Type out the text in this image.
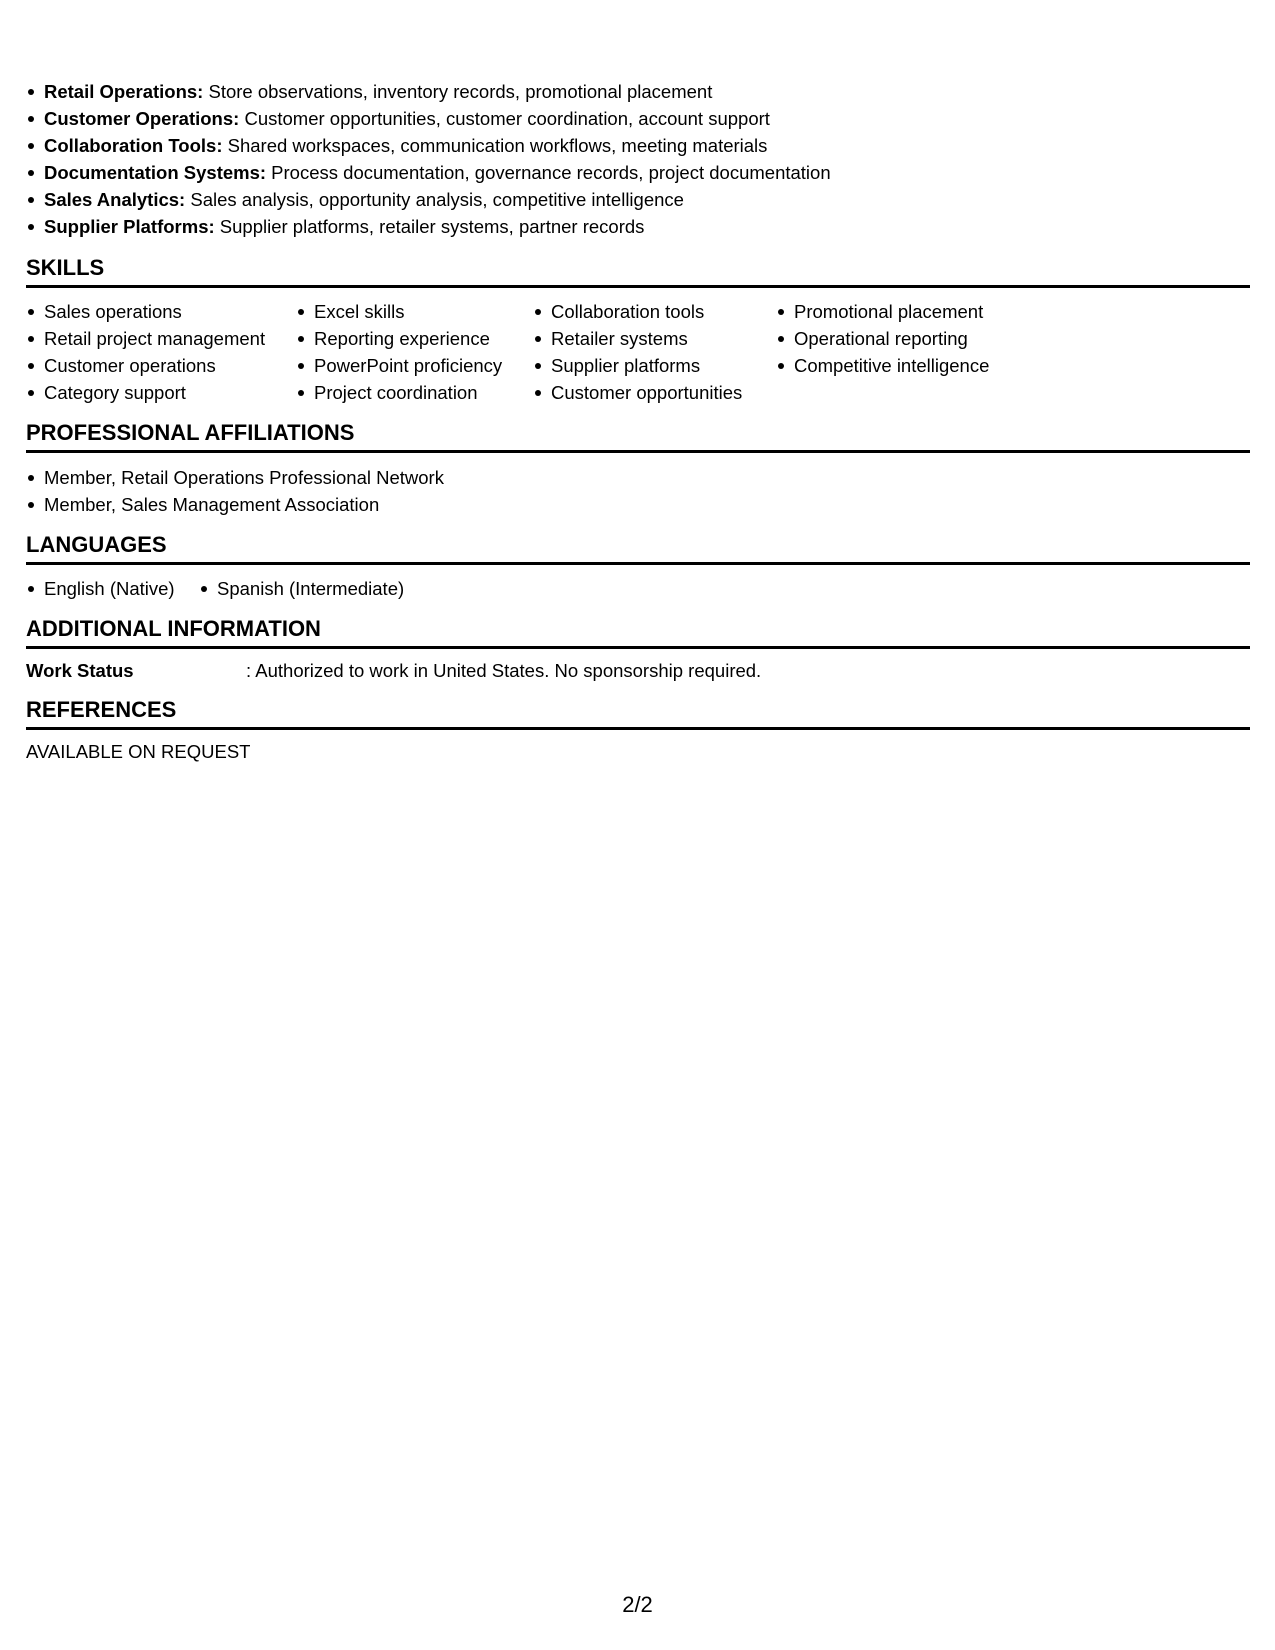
Retail Operations: Store observations, inventory records, promotional placement
Customer Operations: Customer opportunities, customer coordination, account support
Collaboration Tools: Shared workspaces, communication workflows, meeting materials
Documentation Systems: Process documentation, governance records, project documentation
Sales Analytics: Sales analysis, opportunity analysis, competitive intelligence
Supplier Platforms: Supplier platforms, retailer systems, partner records
SKILLS
Sales operations
Retail project management
Customer operations
Category support
Excel skills
Reporting experience
PowerPoint proficiency
Project coordination
Collaboration tools
Retailer systems
Supplier platforms
Customer opportunities
Promotional placement
Operational reporting
Competitive intelligence
PROFESSIONAL AFFILIATIONS
Member, Retail Operations Professional Network
Member, Sales Management Association
LANGUAGES
English (Native)	Spanish (Intermediate)
ADDITIONAL INFORMATION
Work Status	: Authorized to work in United States. No sponsorship required.
REFERENCES
AVAILABLE ON REQUEST
2/2
